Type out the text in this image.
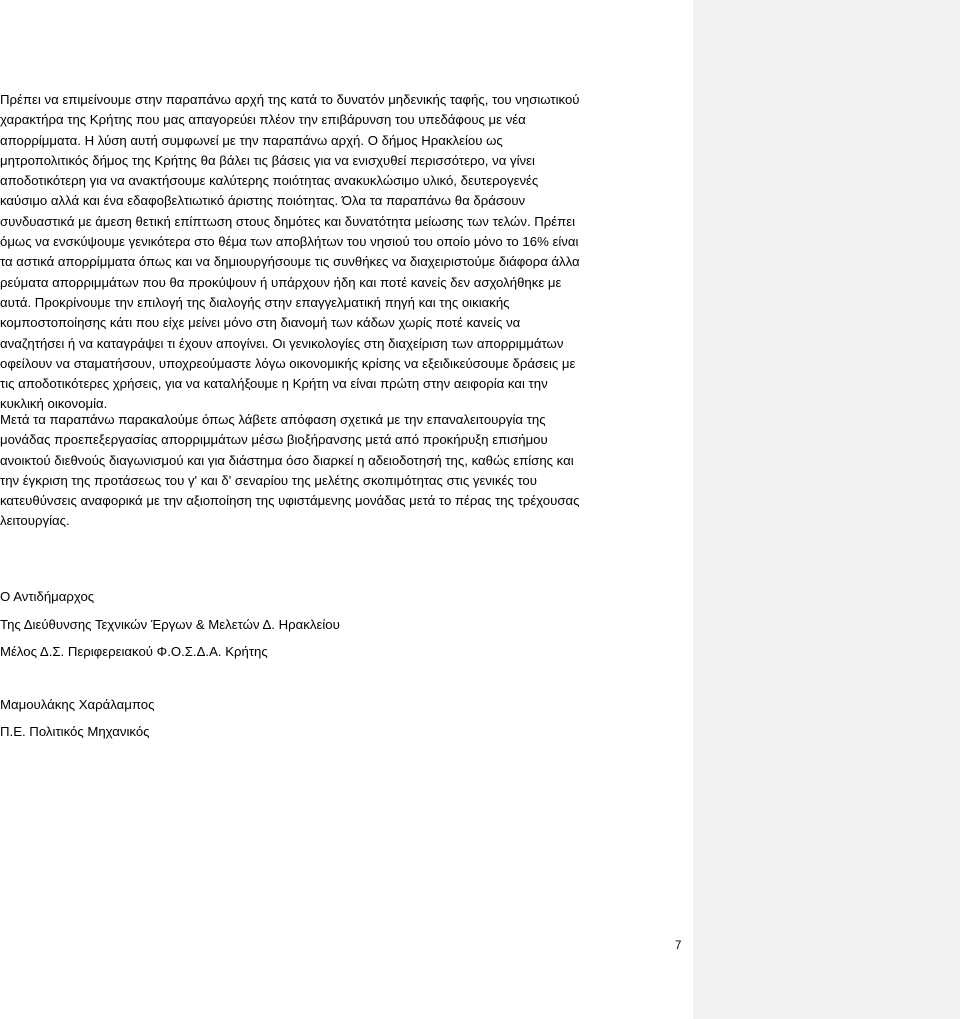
Πρέπει να επιμείνουμε στην παραπάνω αρχή της κατά το δυνατόν μηδενικής ταφής, του νησιωτικού
χαρακτήρα της Κρήτης που μας απαγορεύει πλέον την επιβάρυνση του υπεδάφους με νέα
απορρίμματα. Η λύση αυτή συμφωνεί με την παραπάνω αρχή. Ο δήμος Ηρακλείου ως
μητροπολιτικός δήμος της Κρήτης θα βάλει τις βάσεις για να ενισχυθεί περισσότερο, να γίνει
αποδοτικότερη για να ανακτήσουμε καλύτερης ποιότητας ανακυκλώσιμο υλικό, δευτερογενές
καύσιμο αλλά και ένα εδαφοβελτιωτικό άριστης ποιότητας. Όλα τα παραπάνω θα δράσουν
συνδυαστικά με άμεση θετική επίπτωση στους δημότες και δυνατότητα μείωσης των τελών. Πρέπει
όμως να ενσκύψουμε γενικότερα στο θέμα των αποβλήτων του νησιού του οποίο μόνο το 16% είναι
τα αστικά απορρίμματα όπως και να δημιουργήσουμε τις συνθήκες να διαχειριστούμε διάφορα άλλα
ρεύματα απορριμμάτων που θα προκύψουν ή υπάρχουν ήδη και ποτέ κανείς δεν ασχολήθηκε με
αυτά. Προκρίνουμε την επιλογή της διαλογής στην επαγγελματική πηγή και της οικιακής
κομποστοποίησης κάτι που είχε μείνει μόνο στη διανομή των κάδων χωρίς ποτέ κανείς να
αναζητήσει ή να καταγράψει τι έχουν απογίνει. Οι γενικολογίες στη διαχείριση των απορριμμάτων
οφείλουν να σταματήσουν, υποχρεούμαστε λόγω οικονομικής κρίσης να εξειδικεύσουμε δράσεις με
τις αποδοτικότερες χρήσεις, για να καταλήξουμε η Κρήτη να είναι πρώτη στην αειφορία και την
κυκλική οικονομία.
Μετά τα παραπάνω παρακαλούμε όπως λάβετε απόφαση σχετικά με την επαναλειτουργία της
μονάδας προεπεξεργασίας απορριμμάτων μέσω βιοξήρανσης μετά από προκήρυξη επισήμου
ανοικτού διεθνούς διαγωνισμού και για διάστημα όσο διαρκεί η αδειοδοτησή της, καθώς επίσης και
την έγκριση της προτάσεως του γ' και δ' σεναρίου της μελέτης σκοπιμότητας στις γενικές του
κατευθύνσεις αναφορικά με την αξιοποίηση της υφιστάμενης μονάδας μετά το πέρας της τρέχουσας
λειτουργίας.

Ο Αντιδήμαρχος

Της Διεύθυνσης Τεχνικών Έργων & Μελετών Δ. Ηρακλείου

Μέλος Δ.Σ. Περιφερειακού Φ.Ο.Σ.Δ.Α. Κρήτης

Μαμουλάκης Χαράλαμπος

Π.Ε. Πολιτικός Μηχανικός

7
